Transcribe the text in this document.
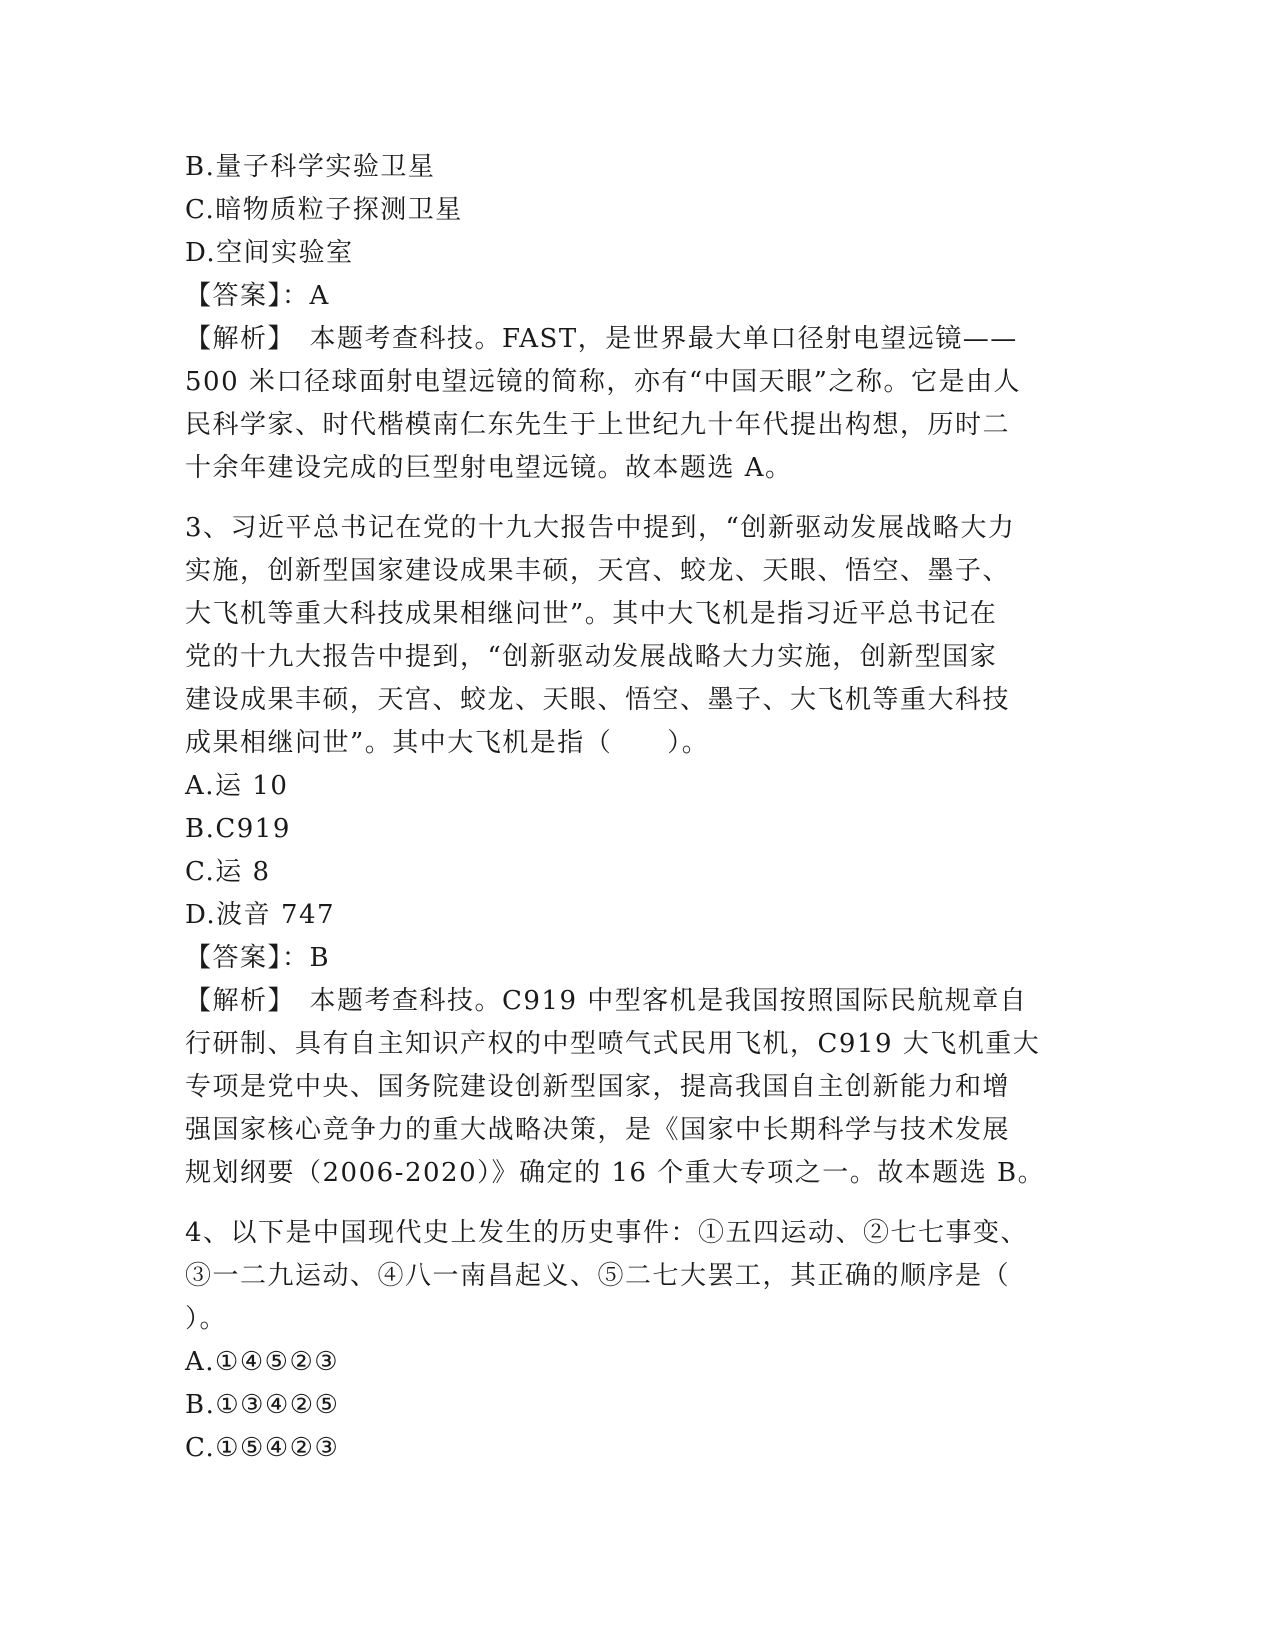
B.量子科学实验卫星
C.暗物质粒子探测卫星
D.空间实验室
【答案】：A
【解析】　本题考查科技。FAST，是世界最大单口径射电望远镜——
500 米口径球面射电望远镜的简称，亦有“中国天眼”之称。它是由人
民科学家、时代楷模南仁东先生于上世纪九十年代提出构想，历时二
十余年建设完成的巨型射电望远镜。故本题选 A。
3、习近平总书记在党的十九大报告中提到，“创新驱动发展战略大力
实施，创新型国家建设成果丰硕，天宫、蛟龙、天眼、悟空、墨子、
大飞机等重大科技成果相继问世”。其中大飞机是指习近平总书记在
党的十九大报告中提到，“创新驱动发展战略大力实施，创新型国家
建设成果丰硕，天宫、蛟龙、天眼、悟空、墨子、大飞机等重大科技
成果相继问世”。其中大飞机是指（　　）。
A.运 10
B.C919
C.运 8
D.波音 747
【答案】：B
【解析】　本题考查科技。C919 中型客机是我国按照国际民航规章自
行研制、具有自主知识产权的中型喷气式民用飞机，C919 大飞机重大
专项是党中央、国务院建设创新型国家，提高我国自主创新能力和增
强国家核心竞争力的重大战略决策，是《国家中长期科学与技术发展
规划纲要（2006-2020）》确定的 16 个重大专项之一。故本题选 B。
4、以下是中国现代史上发生的历史事件：①五四运动、②七七事变、
③一二九运动、④八一南昌起义、⑤二七大罢工，其正确的顺序是（
）。
A.①④⑤②③
B.①③④②⑤
C.①⑤④②③
